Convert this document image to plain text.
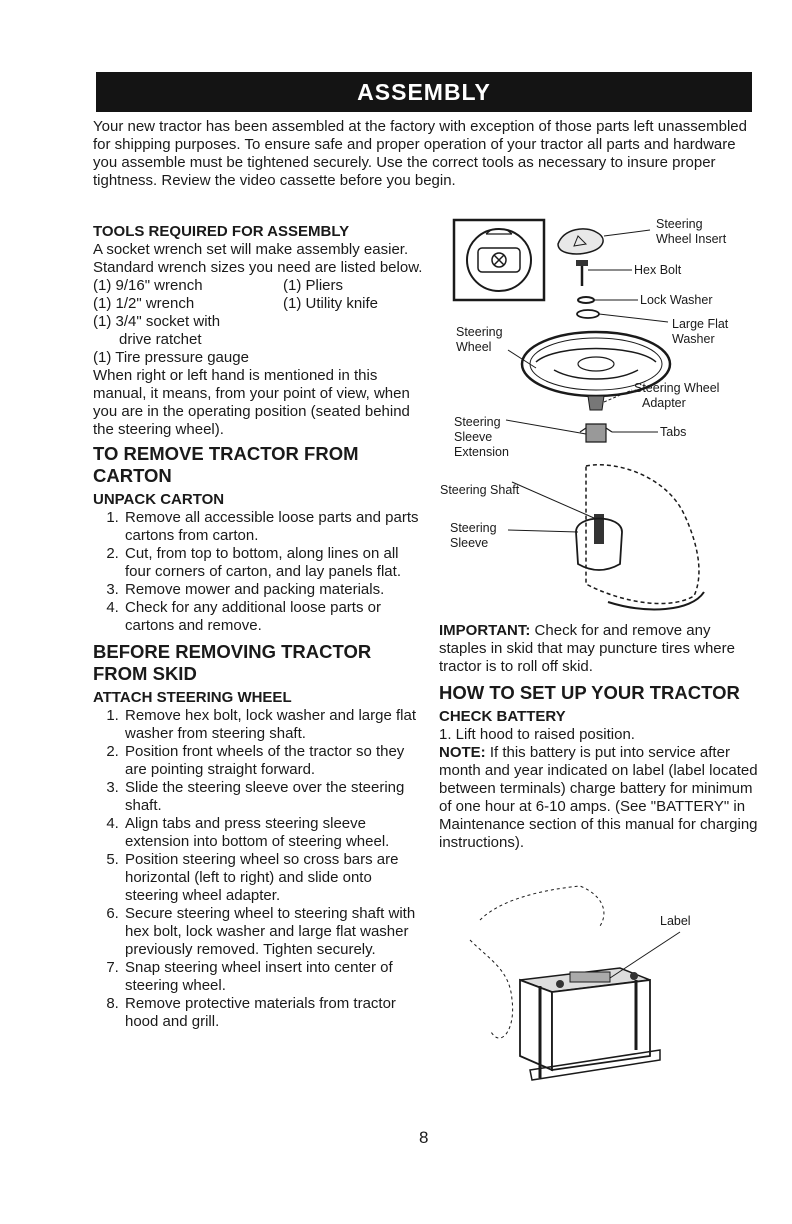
ASSEMBLY

Your new tractor has been assembled at the factory with exception of those parts left unassembled for shipping purposes. To ensure safe and proper operation of your tractor all parts and hardware you assemble must be tightened securely. Use the correct tools as necessary to insure proper tightness. Review the video cassette before you begin.

TOOLS REQUIRED FOR ASSEMBLY

A socket wrench set will make assembly easier. Standard wrench sizes you need are listed below.

(1) 9/16" wrench	(1) Pliers
(1) 1/2" wrench	(1) Utility knife
(1) 3/4" socket with

drive ratchet

(1) Tire pressure gauge

When right or left hand is mentioned in this manual, it means, from your point of view, when you are in the operating position (seated behind the steering wheel).

TO REMOVE TRACTOR FROM CARTON
UNPACK CARTON
1. Remove all accessible loose parts and parts cartons from carton.
2. Cut, from top to bottom, along lines on all four corners of carton, and lay panels flat.
3. Remove mower and packing materials.
4. Check for any additional loose parts or cartons and remove.
BEFORE REMOVING TRACTOR FROM SKID
ATTACH STEERING WHEEL
1. Remove hex bolt, lock washer and large flat washer from steering shaft.
2. Position front wheels of the tractor so they are pointing straight forward.
3. Slide the steering sleeve over the steering shaft.
4. Align tabs and press steering sleeve extension into bottom of steering wheel.
5. Position steering wheel so cross bars are horizontal (left to right) and slide onto steering wheel adapter.
6. Secure steering wheel to steering shaft with hex bolt, lock washer and large flat washer previously removed. Tighten securely.
7. Snap steering wheel insert into center of steering wheel.
8. Remove protective materials from tractor hood and grill.
Steering
Wheel Insert
Hex Bolt
Lock Washer
Large Flat
Washer
Steering
Wheel
Steering Wheel
Adapter
Steering
Sleeve
Extension
Tabs
Steering Shaft
Steering
Sleeve

IMPORTANT: Check for and remove any staples in skid that may puncture tires where tractor is to roll off skid.

HOW TO SET UP YOUR TRACTOR
CHECK BATTERY

1. Lift hood to raised position.

NOTE: If this battery is put into service after month and year indicated on label (label located between terminals) charge battery for minimum of one hour at 6-10 amps. (See "BATTERY" in Maintenance section of this manual for charging instructions).

Label
8
